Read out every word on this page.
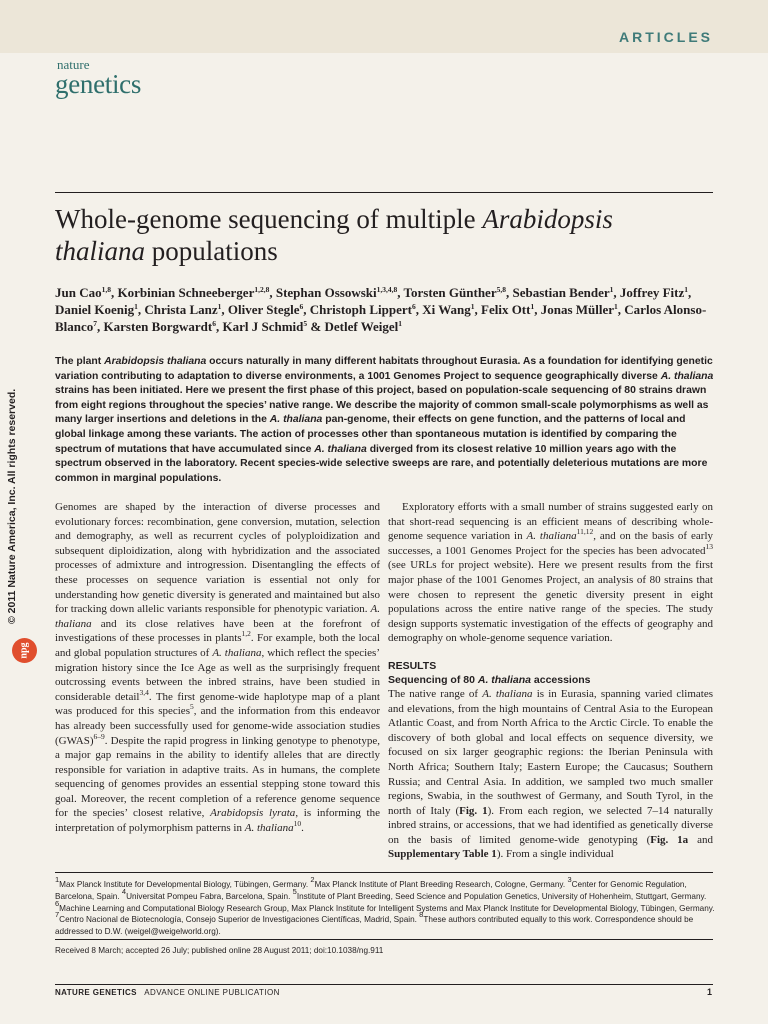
ARTICLES
nature
genetics
Whole-genome sequencing of multiple Arabidopsis
thaliana populations

Jun Cao$^{1,8}$, Korbinian Schneeberger$^{1,2,8}$, Stephan Ossowski$^{1,3,4,8}$, Torsten Günther$^{5,8}$, Sebastian Bender$^1$, Joffrey Fitz$^1$, Daniel Koenig$^1$, Christa Lanz$^1$, Oliver Stegle$^6$, Christoph Lippert$^6$, Xi Wang$^1$, Felix Ott$^1$, Jonas Müller$^1$, Carlos Alonso-Blanco$^7$, Karsten Borgwardt$^6$, Karl J Schmid$^5$ & Detlef Weigel$^1$

The plant Arabidopsis thaliana occurs naturally in many different habitats throughout Eurasia. As a foundation for identifying genetic variation contributing to adaptation to diverse environments, a 1001 Genomes Project to sequence geographically diverse A. thaliana strains has been initiated. Here we present the first phase of this project, based on population-scale sequencing of 80 strains drawn from eight regions throughout the species’ native range. We describe the majority of common small-scale polymorphisms as well as many larger insertions and deletions in the A. thaliana pan-genome, their effects on gene function, and the patterns of local and global linkage among these variants. The action of processes other than spontaneous mutation is identified by comparing the spectrum of mutations that have accumulated since A. thaliana diverged from its closest relative 10 million years ago with the spectrum observed in the laboratory. Recent species-wide selective sweeps are rare, and potentially deleterious mutations are more common in marginal populations.

Genomes are shaped by the interaction of diverse processes and evolutionary forces: recombination, gene conversion, mutation, selection and demography, as well as recurrent cycles of polyploidization and subsequent diploidization, along with hybridization and the associated processes of admixture and introgression. Disentangling the effects of these processes on sequence variation is essential not only for understanding how genetic diversity is generated and maintained but also for tracking down allelic variants responsible for phenotypic variation. A. thaliana and its close relatives have been at the forefront of investigations of these processes in plants$^{1,2}$. For example, both the local and global population structures of A. thaliana, which reflect the species’ migration history since the Ice Age as well as the surprisingly frequent outcrossing events between the inbred strains, have been studied in considerable detail$^{3,4}$. The first genome-wide haplotype map of a plant was produced for this species$^5$, and the information from this endeavor has already been successfully used for genome-wide association studies (GWAS)$^{6-9}$. Despite the rapid progress in linking genotype to phenotype, a major gap remains in the ability to identify alleles that are directly responsible for variation in adaptive traits. As in humans, the complete sequencing of genomes provides an essential stepping stone toward this goal. Moreover, the recent completion of a reference genome sequence for the species’ closest relative, Arabidopsis lyrata, is informing the interpretation of polymorphism patterns in A. thaliana$^{10}$.

Exploratory efforts with a small number of strains suggested early on that short-read sequencing is an efficient means of describing whole-genome sequence variation in A. thaliana$^{11,12}$, and on the basis of early successes, a 1001 Genomes Project for the species has been advocated$^{13}$ (see URLs for project website). Here we present results from the first major phase of the 1001 Genomes Project, an analysis of 80 strains that were chosen to represent the genetic diversity present in eight populations across the entire native range of the species. The study design supports systematic investigation of the effects of geography and demography on whole-genome sequence variation.

RESULTS
Sequencing of 80 A. thaliana accessions

The native range of A. thaliana is in Eurasia, spanning varied climates and elevations, from the high mountains of Central Asia to the European Atlantic Coast, and from North Africa to the Arctic Circle. To enable the discovery of both global and local effects on sequence diversity, we focused on six larger geographic regions: the Iberian Peninsula with North Africa; Southern Italy; Eastern Europe; the Caucasus; Southern Russia; and Central Asia. In addition, we sampled two much smaller regions, Swabia, in the southwest of Germany, and South Tyrol, in the north of Italy (Fig. 1). From each region, we selected 7–14 naturally inbred strains, or accessions, that we had identified as genetically diverse on the basis of limited genome-wide genotyping (Fig. 1a and Supplementary Table 1). From a single individual

$^1$Max Planck Institute for Developmental Biology, Tübingen, Germany. $^2$Max Planck Institute of Plant Breeding Research, Cologne, Germany. $^3$Center for Genomic Regulation, Barcelona, Spain. $^4$Universitat Pompeu Fabra, Barcelona, Spain. $^5$Institute of Plant Breeding, Seed Science and Population Genetics, University of Hohenheim, Stuttgart, Germany. $^6$Machine Learning and Computational Biology Research Group, Max Planck Institute for Intelligent Systems and Max Planck Institute for Developmental Biology, Tübingen, Germany. $^7$Centro Nacional de Biotecnología, Consejo Superior de Investigaciones Científicas, Madrid, Spain. $^8$These authors contributed equally to this work. Correspondence should be addressed to D.W. (weigel@weigelworld.org).

Received 8 March; accepted 26 July; published online 28 August 2011; doi:10.1038/ng.911

NATURE GENETICS ADVANCE ONLINE PUBLICATION	1
© 2011 Nature America, Inc. All rights reserved.
npg
